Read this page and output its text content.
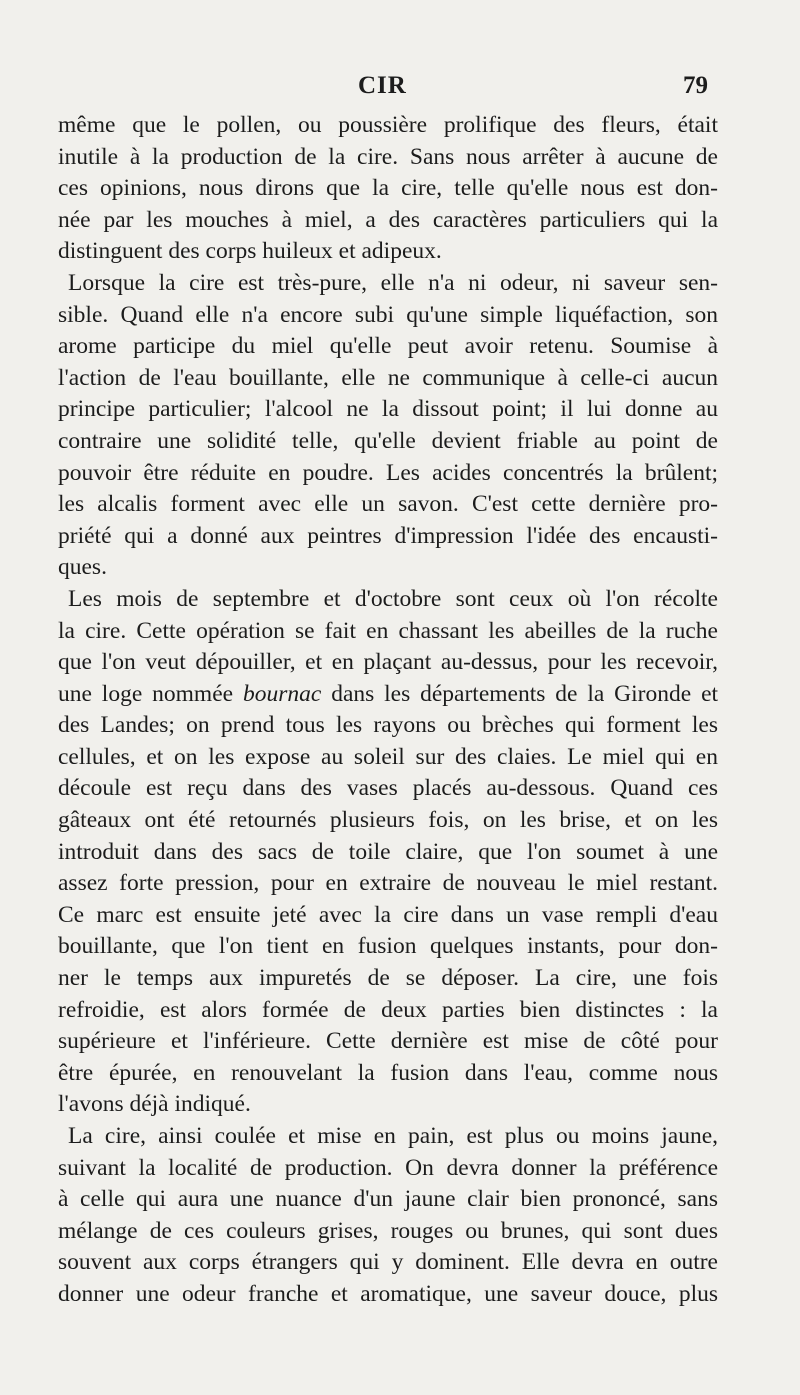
CIR	79
même que le pollen, ou poussière prolifique des fleurs, était
inutile à la production de la cire. Sans nous arrêter à aucune de
ces opinions, nous dirons que la cire, telle qu'elle nous est don-
née par les mouches à miel, a des caractères particuliers qui la
distinguent des corps huileux et adipeux.
Lorsque la cire est très-pure, elle n'a ni odeur, ni saveur sen-
sible. Quand elle n'a encore subi qu'une simple liquéfaction, son
arome participe du miel qu'elle peut avoir retenu. Soumise à
l'action de l'eau bouillante, elle ne communique à celle-ci aucun
principe particulier; l'alcool ne la dissout point; il lui donne au
contraire une solidité telle, qu'elle devient friable au point de
pouvoir être réduite en poudre. Les acides concentrés la brûlent;
les alcalis forment avec elle un savon. C'est cette dernière pro-
priété qui a donné aux peintres d'impression l'idée des encausti-
ques.
Les mois de septembre et d'octobre sont ceux où l'on récolte
la cire. Cette opération se fait en chassant les abeilles de la ruche
que l'on veut dépouiller, et en plaçant au-dessus, pour les recevoir,
une loge nommée bournac dans les départements de la Gironde et
des Landes; on prend tous les rayons ou brèches qui forment les
cellules, et on les expose au soleil sur des claies. Le miel qui en
découle est reçu dans des vases placés au-dessous. Quand ces
gâteaux ont été retournés plusieurs fois, on les brise, et on les
introduit dans des sacs de toile claire, que l'on soumet à une
assez forte pression, pour en extraire de nouveau le miel restant.
Ce marc est ensuite jeté avec la cire dans un vase rempli d'eau
bouillante, que l'on tient en fusion quelques instants, pour don-
ner le temps aux impuretés de se déposer. La cire, une fois
refroidie, est alors formée de deux parties bien distinctes : la
supérieure et l'inférieure. Cette dernière est mise de côté pour
être épurée, en renouvelant la fusion dans l'eau, comme nous
l'avons déjà indiqué.
La cire, ainsi coulée et mise en pain, est plus ou moins jaune,
suivant la localité de production. On devra donner la préférence
à celle qui aura une nuance d'un jaune clair bien prononcé, sans
mélange de ces couleurs grises, rouges ou brunes, qui sont dues
souvent aux corps étrangers qui y dominent. Elle devra en outre
donner une odeur franche et aromatique, une saveur douce, plus
